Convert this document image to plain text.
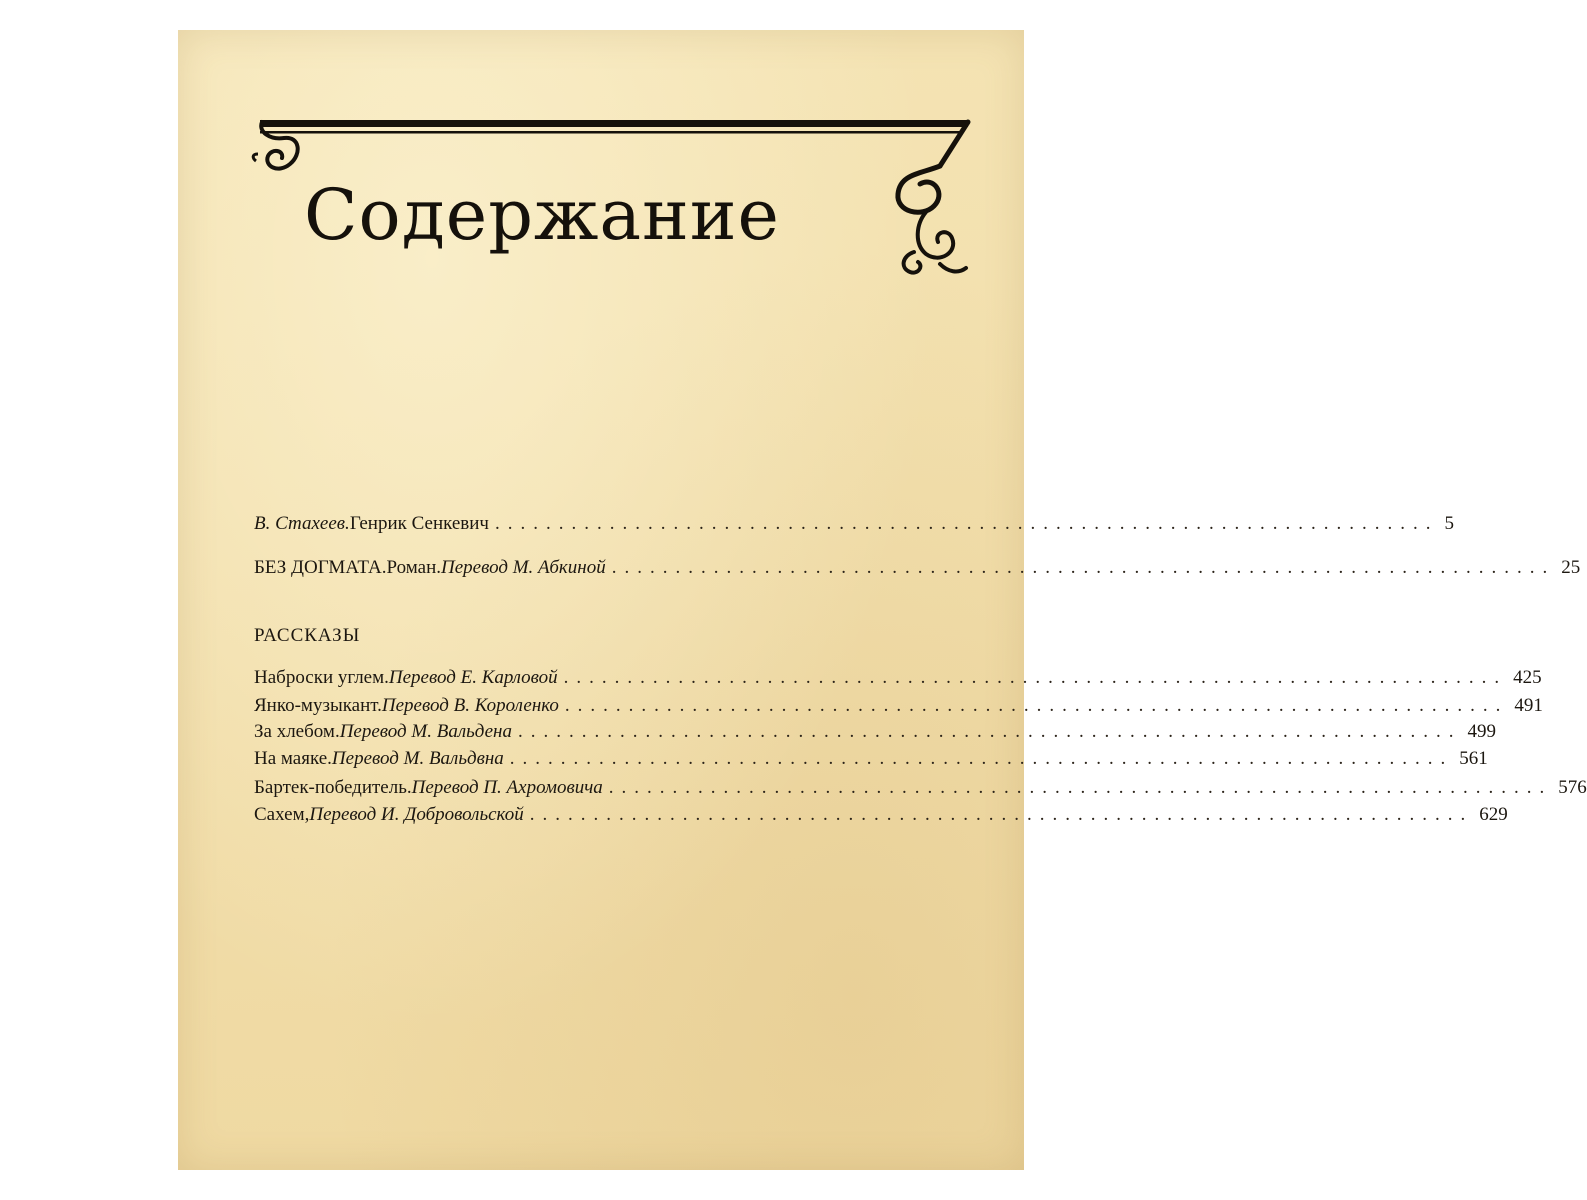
Содержание
В. Стахеев. Генрик Сенкевич .......................................................................... 5
БЕЗ ДОГМАТА. Роман. Перевод М. Абкиной .......................................................................... 25
РАССКАЗЫ
Наброски углем. Перевод Е. Карловой .......................................................................... 425
Янко-музыкант. Перевод В. Короленко .......................................................................... 491
За хлебом. Перевод М. Вальдена .......................................................................... 499
На маяке. Перевод М. Вальдвна .......................................................................... 561
Бартек-победитель. Перевод П. Ахромовича .......................................................................... 576
Сахем, Перевод И. Добровольской .......................................................................... 629
